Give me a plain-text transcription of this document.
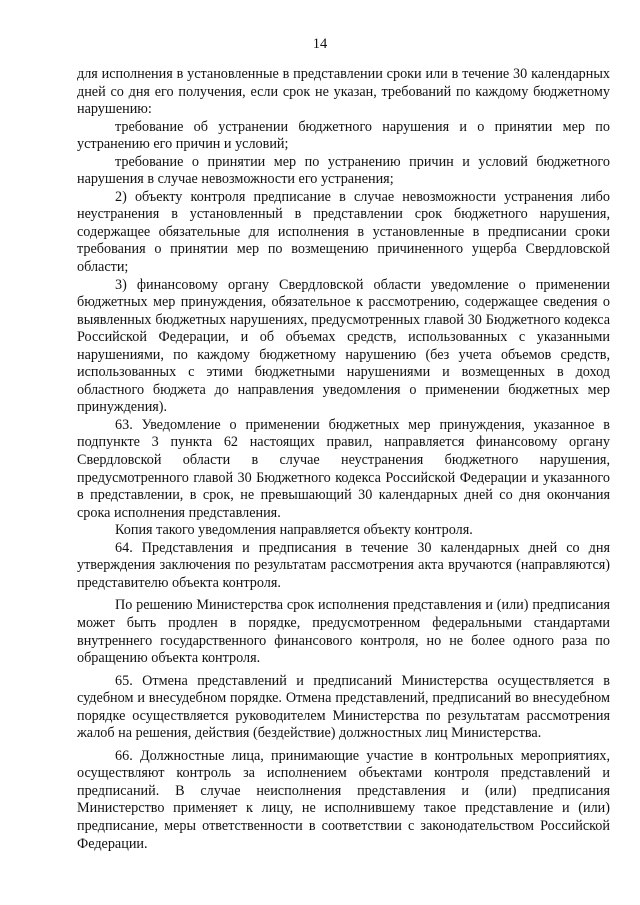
14

для исполнения в установленные в представлении сроки или в течение 30 календарных дней со дня его получения, если срок не указан, требований по каждому бюджетному нарушению:

требование об устранении бюджетного нарушения и о принятии мер по устранению его причин и условий;

требование о принятии мер по устранению причин и условий бюджетного нарушения в случае невозможности его устранения;

2) объекту контроля предписание в случае невозможности устранения либо неустранения в установленный в представлении срок бюджетного нарушения, содержащее обязательные для исполнения в установленные в предписании сроки требования о принятии мер по возмещению причиненного ущерба Свердловской области;

3) финансовому органу Свердловской области уведомление о применении бюджетных мер принуждения, обязательное к рассмотрению, содержащее сведения о выявленных бюджетных нарушениях, предусмотренных главой 30 Бюджетного кодекса Российской Федерации, и об объемах средств, использованных с указанными нарушениями, по каждому бюджетному нарушению (без учета объемов средств, использованных с этими бюджетными нарушениями и возмещенных в доход областного бюджета до направления уведомления о применении бюджетных мер принуждения).

63. Уведомление о применении бюджетных мер принуждения, указанное в подпункте 3 пункта 62 настоящих правил, направляется финансовому органу Свердловской области в случае неустранения бюджетного нарушения, предусмотренного главой 30 Бюджетного кодекса Российской Федерации и указанного в представлении, в срок, не превышающий 30 календарных дней со дня окончания срока исполнения представления.

Копия такого уведомления направляется объекту контроля.

64. Представления и предписания в течение 30 календарных дней со дня утверждения заключения по результатам рассмотрения акта вручаются (направляются) представителю объекта контроля.

По решению Министерства срок исполнения представления и (или) предписания может быть продлен в порядке, предусмотренном федеральными стандартами внутреннего государственного финансового контроля, но не более одного раза по обращению объекта контроля.

65. Отмена представлений и предписаний Министерства осуществляется в судебном и внесудебном порядке. Отмена представлений, предписаний во внесудебном порядке осуществляется руководителем Министерства по результатам рассмотрения жалоб на решения, действия (бездействие) должностных лиц Министерства.

66. Должностные лица, принимающие участие в контрольных мероприятиях, осуществляют контроль за исполнением объектами контроля представлений и предписаний. В случае неисполнения представления и (или) предписания Министерство применяет к лицу, не исполнившему такое представление и (или) предписание, меры ответственности в соответствии с законодательством Российской Федерации.
